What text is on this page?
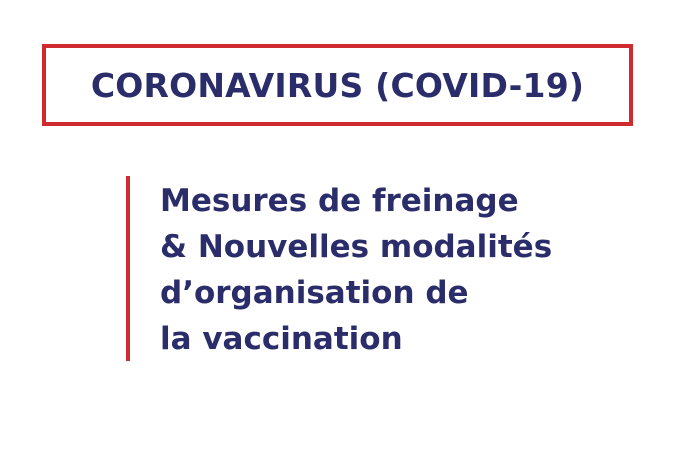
CORONAVIRUS (COVID-19)
Mesures de freinage
& Nouvelles modalités
d’organisation de
la vaccination
